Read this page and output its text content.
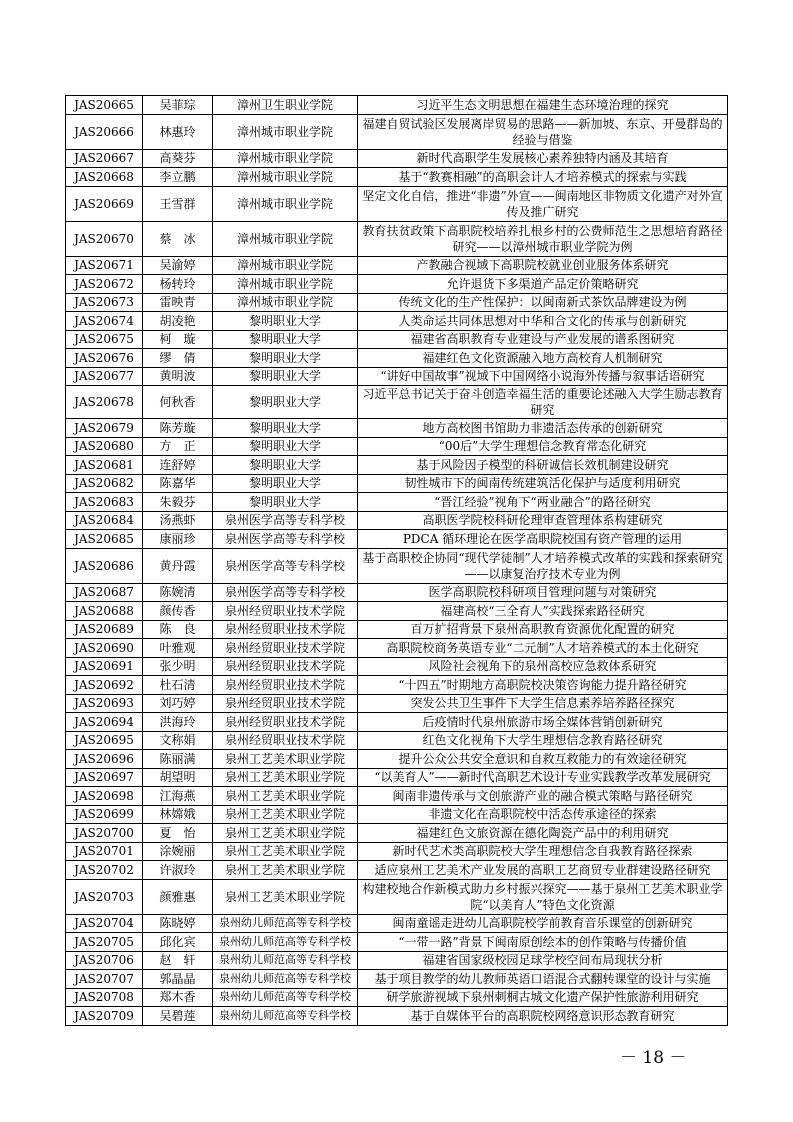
JAS20665	吴菲琮	漳州卫生职业学院	习近平生态文明思想在福建生态环境治理的探究
JAS20666	林惠玲	漳州城市职业学院	福建自贸试验区发展离岸贸易的思路——新加坡、东京、开曼群岛的经验与借鉴
JAS20667	高葵芬	漳州城市职业学院	新时代高职学生发展核心素养独特内涵及其培育
JAS20668	李立鹏	漳州城市职业学院	基于“教赛相融”的高职会计人才培养模式的探索与实践
JAS20669	王雪群	漳州城市职业学院	坚定文化自信，推进“非遗”外宣——闽南地区非物质文化遗产对外宣传及推广研究
JAS20670	蔡　冰	漳州城市职业学院	教育扶贫政策下高职院校培养扎根乡村的公费师范生之思想培育路径研究——以漳州城市职业学院为例
JAS20671	吴渝婷	漳州城市职业学院	产教融合视域下高职院校就业创业服务体系研究
JAS20672	杨转玲	漳州城市职业学院	允许退货下多渠道产品定价策略研究
JAS20673	雷映青	漳州城市职业学院	传统文化的生产性保护：以闽南新式茶饮品牌建设为例
JAS20674	胡凌艳	黎明职业大学	人类命运共同体思想对中华和合文化的传承与创新研究
JAS20675	柯　璇	黎明职业大学	福建省高职教育专业建设与产业发展的谱系图研究
JAS20676	缪　倩	黎明职业大学	福建红色文化资源融入地方高校育人机制研究
JAS20677	黄明波	黎明职业大学	“讲好中国故事”视域下中国网络小说海外传播与叙事话语研究
JAS20678	何秋香	黎明职业大学	习近平总书记关于奋斗创造幸福生活的重要论述融入大学生励志教育研究
JAS20679	陈芳璇	黎明职业大学	地方高校图书馆助力非遗活态传承的创新研究
JAS20680	方　正	黎明职业大学	“00后”大学生理想信念教育常态化研究
JAS20681	连舒婷	黎明职业大学	基于风险因子模型的科研诚信长效机制建设研究
JAS20682	陈嘉华	黎明职业大学	韧性城市下的闽南传统建筑活化保护与适度利用研究
JAS20683	朱毅芬	黎明职业大学	“晋江经验”视角下“两业融合”的路径研究
JAS20684	汤燕虾	泉州医学高等专科学校	高职医学院校科研伦理审查管理体系构建研究
JAS20685	康丽珍	泉州医学高等专科学校	PDCA 循环理论在医学高职院校国有资产管理的运用
JAS20686	黄丹霞	泉州医学高等专科学校	基于高职校企协同“现代学徒制”人才培养模式改革的实践和探索研究——以康复治疗技术专业为例
JAS20687	陈婉清	泉州医学高等专科学校	医学高职院校科研项目管理问题与对策研究
JAS20688	颜传香	泉州经贸职业技术学院	福建高校“三全育人”实践探索路径研究
JAS20689	陈　良	泉州经贸职业技术学院	百万扩招背景下泉州高职教育资源优化配置的研究
JAS20690	叶雅观	泉州经贸职业技术学院	高职院校商务英语专业“二元制”人才培养模式的本土化研究
JAS20691	张少明	泉州经贸职业技术学院	风险社会视角下的泉州高校应急救体系研究
JAS20692	杜石清	泉州经贸职业技术学院	“十四五”时期地方高职院校决策咨询能力提升路径研究
JAS20693	刘巧婷	泉州经贸职业技术学院	突发公共卫生事件下大学生信息素养培养路径探究
JAS20694	洪海玲	泉州经贸职业技术学院	后疫情时代泉州旅游市场全媒体营销创新研究
JAS20695	文称娟	泉州经贸职业技术学院	红色文化视角下大学生理想信念教育路径研究
JAS20696	陈丽满	泉州工艺美术职业学院	提升公众公共安全意识和自救互救能力的有效途径研究
JAS20697	胡望明	泉州工艺美术职业学院	“以美育人”——新时代高职艺术设计专业实践教学改革发展研究
JAS20698	江海燕	泉州工艺美术职业学院	闽南非遗传承与文创旅游产业的融合模式策略与路径研究
JAS20699	林嫦娥	泉州工艺美术职业学院	非遗文化在高职院校中活态传承途径的探索
JAS20700	夏　怡	泉州工艺美术职业学院	福建红色文旅资源在德化陶瓷产品中的利用研究
JAS20701	涂婉丽	泉州工艺美术职业学院	新时代艺术类高职院校大学生理想信念自我教育路径探索
JAS20702	许淑玲	泉州工艺美术职业学院	适应泉州工艺美术产业发展的高职工艺商贸专业群建设路径研究
JAS20703	颜雅惠	泉州工艺美术职业学院	构建校地合作新模式助力乡村振兴探究——基于泉州工艺美术职业学院“以美育人”特色文化资源
JAS20704	陈晓婷	泉州幼儿师范高等专科学校	闽南童谣走进幼儿高职院校学前教育音乐课堂的创新研究
JAS20705	邱化宾	泉州幼儿师范高等专科学校	“一带一路”背景下闽南原创绘本的创作策略与传播价值
JAS20706	赵　轩	泉州幼儿师范高等专科学校	福建省国家级校园足球学校空间布局现状分析
JAS20707	郭晶晶	泉州幼儿师范高等专科学校	基于项目教学的幼儿教师英语口语混合式翻转课堂的设计与实施
JAS20708	郑木香	泉州幼儿师范高等专科学校	研学旅游视域下泉州刺桐古城文化遗产保护性旅游利用研究
JAS20709	吴碧莲	泉州幼儿师范高等专科学校	基于自媒体平台的高职院校网络意识形态教育研究
－ 18 －
